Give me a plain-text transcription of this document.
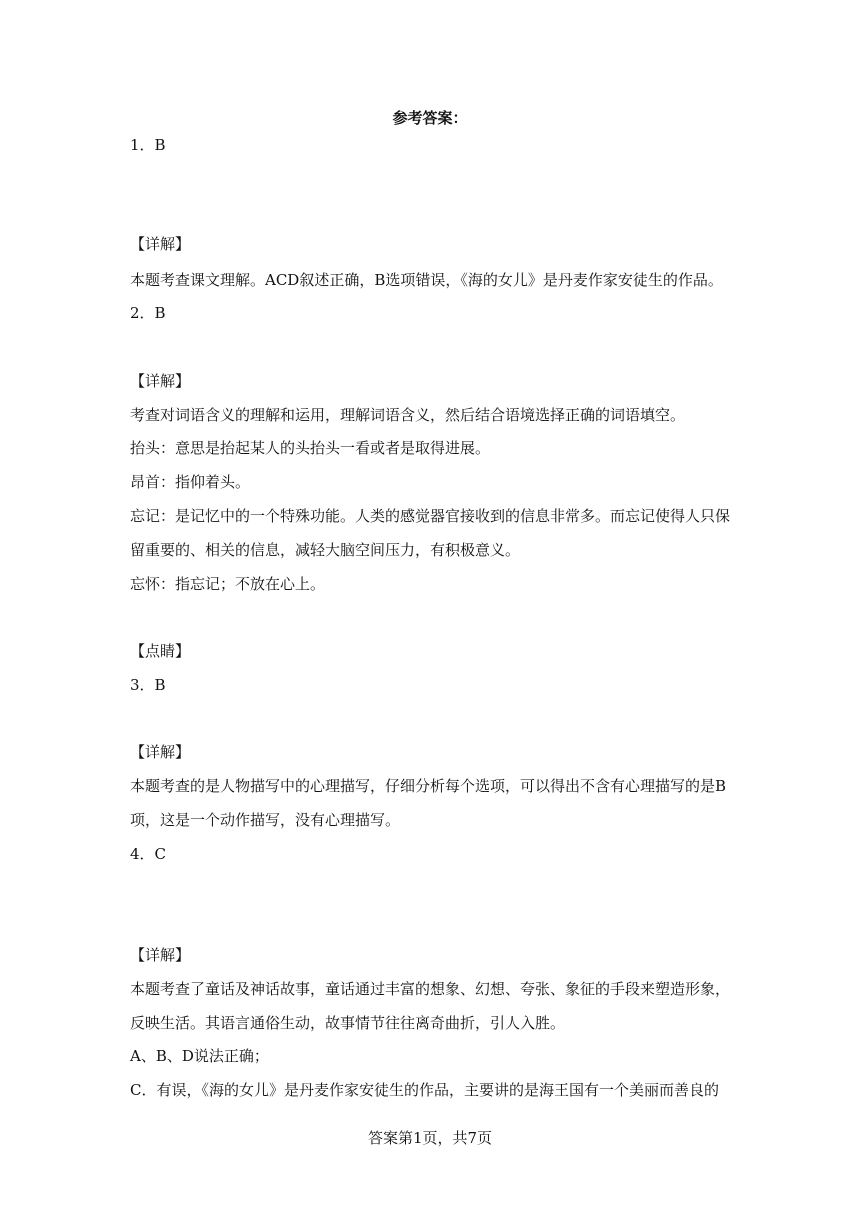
参考答案：
1．B
【详解】
本题考查课文理解。ACD叙述正确，B选项错误，《海的女儿》是丹麦作家安徒生的作品。
2．B
【详解】
考查对词语含义的理解和运用，理解词语含义，然后结合语境选择正确的词语填空。
抬头：意思是抬起某人的头抬头一看或者是取得进展。
昂首：指仰着头。
忘记：是记忆中的一个特殊功能。人类的感觉器官接收到的信息非常多。而忘记使得人只保
留重要的、相关的信息，减轻大脑空间压力，有积极意义。
忘怀：指忘记；不放在心上。
【点睛】
3．B
【详解】
本题考查的是人物描写中的心理描写，仔细分析每个选项，可以得出不含有心理描写的是B
项，这是一个动作描写，没有心理描写。
4．C
【详解】
本题考查了童话及神话故事，童话通过丰富的想象、幻想、夸张、象征的手段来塑造形象，
反映生活。其语言通俗生动，故事情节往往离奇曲折，引人入胜。
A、B、D说法正确；
C．有误，《海的女儿》是丹麦作家安徒生的作品，主要讲的是海王国有一个美丽而善良的
答案第1页，共7页
